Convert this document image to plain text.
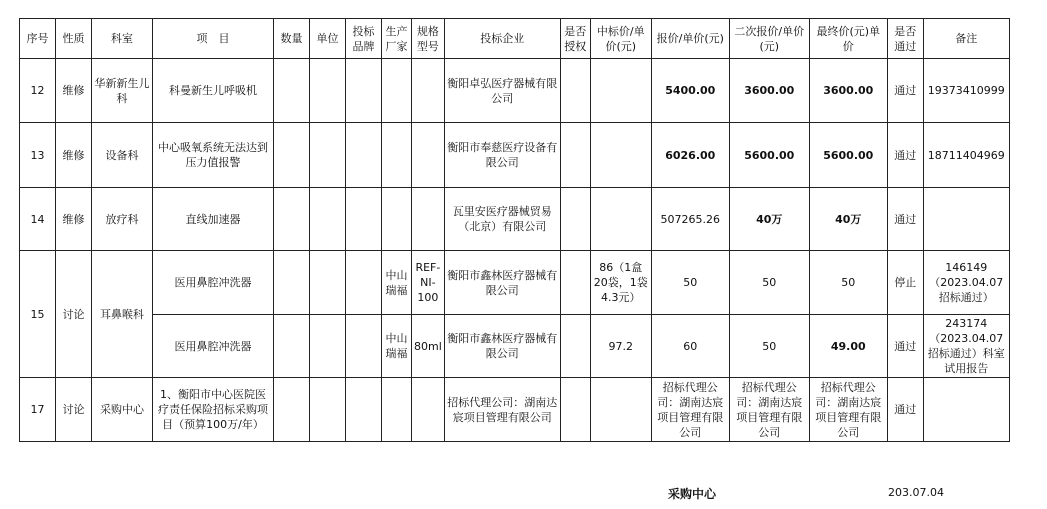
序号	性质	科室	项　目	数量	单位	投标品牌	生产厂家	规格型号	投标企业	是否授权	中标价/单价(元)	报价/单价(元)	二次报价/单价(元)	最终价(元)单价	是否通过	备注
12	维修	华新新生儿科	科曼新生儿呼吸机						衡阳卓弘医疗器械有限公司			5400.00	3600.00	3600.00	通过	19373410999
13	维修	设备科	中心吸氧系统无法达到压力值报警						衡阳市奉慈医疗设备有限公司			6026.00	5600.00	5600.00	通过	18711404969
14	维修	放疗科	直线加速器						瓦里安医疗器械贸易（北京）有限公司			507265.26	40万	40万	通过	
15	讨论	耳鼻喉科	医用鼻腔冲洗器				中山瑞福	REF-NI-100	衡阳市鑫林医疗器械有限公司		86（1盒20袋，1袋4.3元）	50	50	50	停止	146149（2023.04.07招标通过）
			医用鼻腔冲洗器				中山瑞福	80ml	衡阳市鑫林医疗器械有限公司		97.2	60	50	49.00	通过	243174（2023.04.07招标通过）科室试用报告
17	讨论	采购中心	1、衡阳市中心医院医疗责任保险招标采购项目（预算100万/年）						招标代理公司：湖南达宸项目管理有限公司			招标代理公司：湖南达宸项目管理有限公司	招标代理公司：湖南达宸项目管理有限公司	招标代理公司：湖南达宸项目管理有限公司	通过	
采购中心	203.07.04
